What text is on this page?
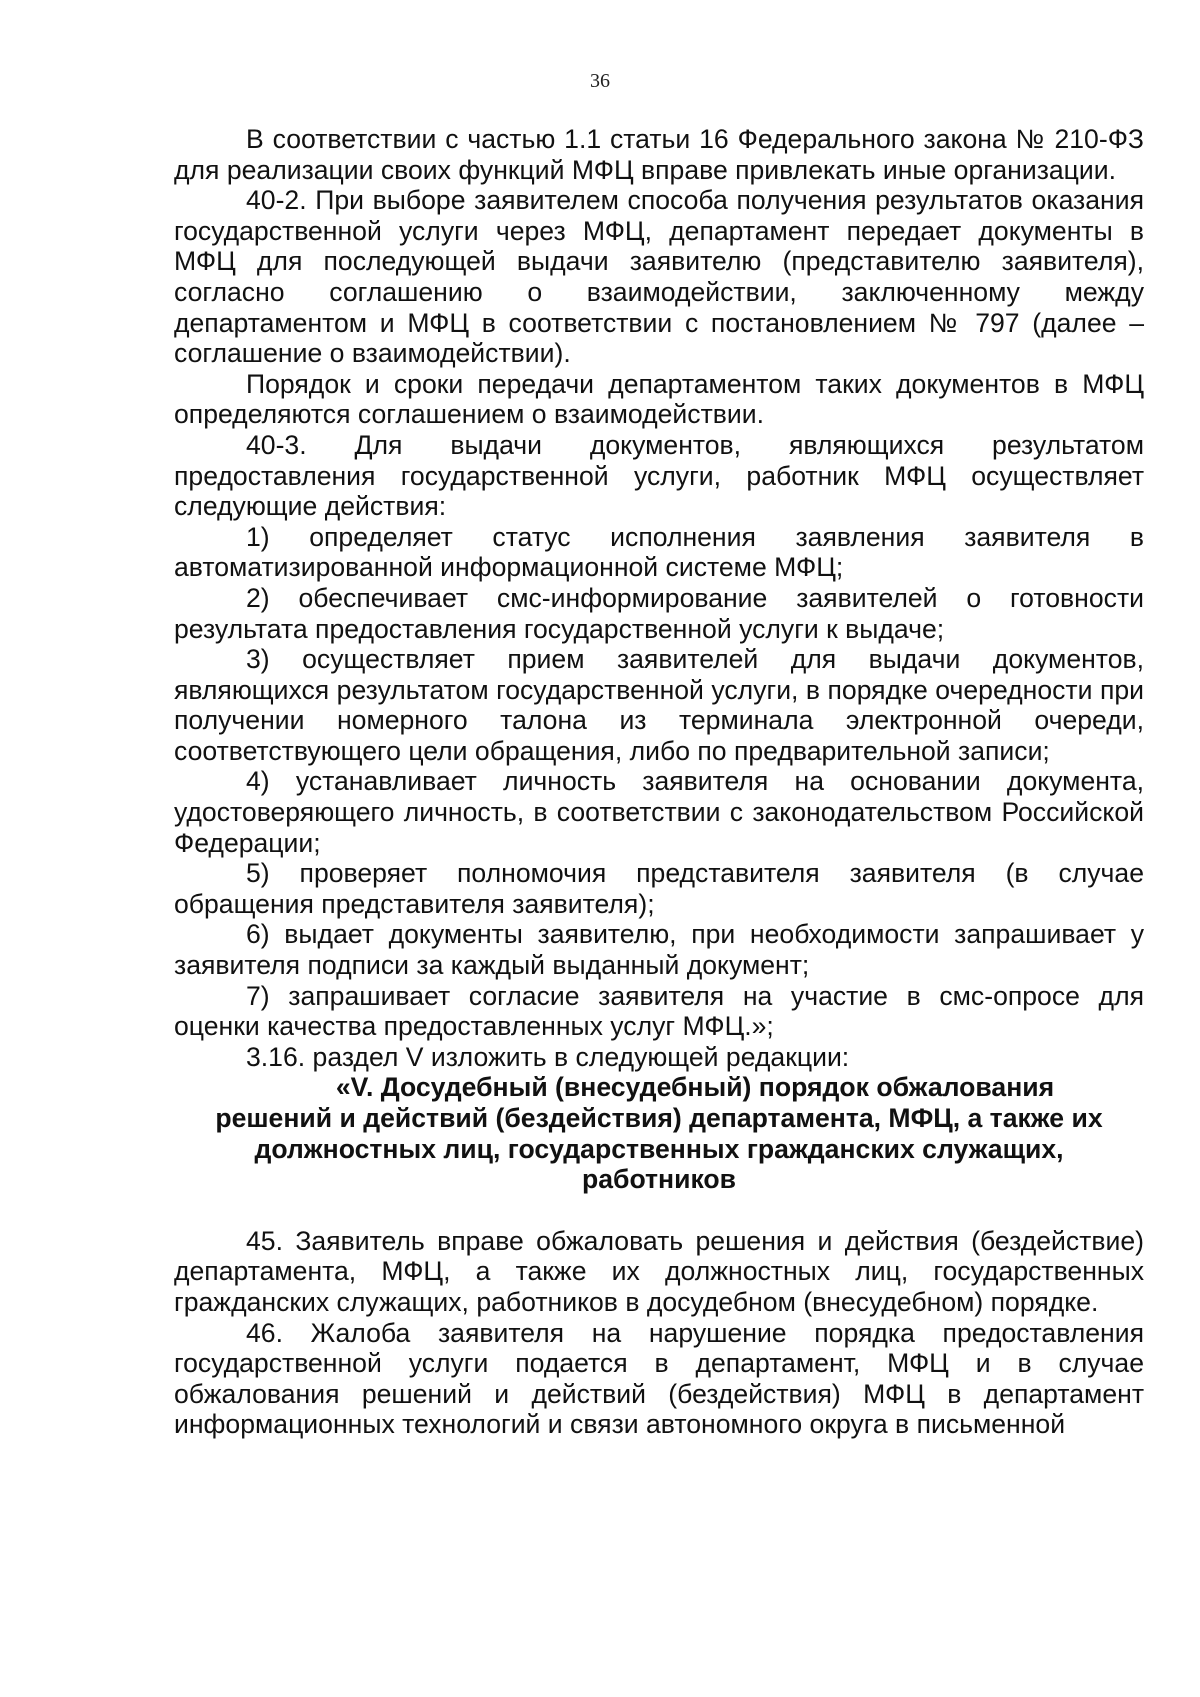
36

В соответствии с частью 1.1 статьи 16 Федерального закона № 210-ФЗ для реализации своих функций МФЦ вправе привлекать иные организации.

40-2. При выборе заявителем способа получения результатов оказания государственной услуги через МФЦ, департамент передает документы в МФЦ для последующей выдачи заявителю (представителю заявителя), согласно соглашению о взаимодействии, заключенному между департаментом и МФЦ в соответствии с постановлением № 797 (далее – соглашение о взаимодействии).

Порядок и сроки передачи департаментом таких документов в МФЦ определяются соглашением о взаимодействии.

40-3. Для выдачи документов, являющихся результатом предоставления государственной услуги, работник МФЦ осуществляет следующие действия:

1) определяет статус исполнения заявления заявителя в автоматизированной информационной системе МФЦ;

2) обеспечивает смс-информирование заявителей о готовности результата предоставления государственной услуги к выдаче;

3) осуществляет прием заявителей для выдачи документов, являющихся результатом государственной услуги, в порядке очередности при получении номерного талона из терминала электронной очереди, соответствующего цели обращения, либо по предварительной записи;

4) устанавливает личность заявителя на основании документа, удостоверяющего личность, в соответствии с законодательством Российской Федерации;

5) проверяет полномочия представителя заявителя (в случае обращения представителя заявителя);

6) выдает документы заявителю, при необходимости запрашивает у заявителя подписи за каждый выданный документ;

7) запрашивает согласие заявителя на участие в смс-опросе для оценки качества предоставленных услуг МФЦ.»;

3.16. раздел V изложить в следующей редакции:

«V. Досудебный (внесудебный) порядок обжалования
решений и действий (бездействия) департамента, МФЦ, а также их должностных лиц, государственных гражданских служащих, работников

45. Заявитель вправе обжаловать решения и действия (бездействие) департамента, МФЦ, а также их должностных лиц, государственных гражданских служащих, работников в досудебном (внесудебном) порядке.

46. Жалоба заявителя на нарушение порядка предоставления государственной услуги подается в департамент, МФЦ и в случае обжалования решений и действий (бездействия) МФЦ в департамент информационных технологий и связи автономного округа в письменной
